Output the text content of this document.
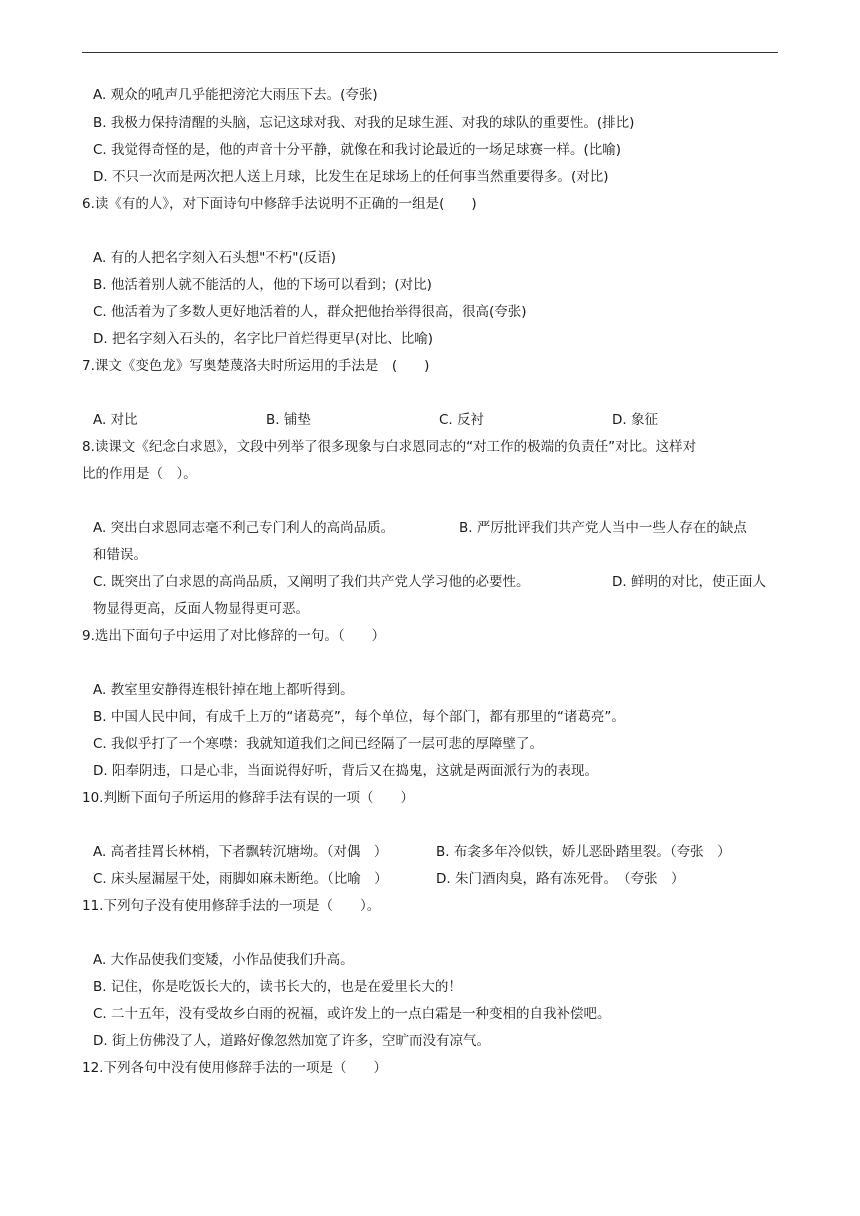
A. 观众的吼声几乎能把滂沱大雨压下去。(夸张)
B. 我极力保持清醒的头脑，忘记这球对我、对我的足球生涯、对我的球队的重要性。(排比)
C. 我觉得奇怪的是，他的声音十分平静，就像在和我讨论最近的一场足球赛一样。(比喻)
D. 不只一次而是两次把人送上月球，比发生在足球场上的任何事当然重要得多。(对比)
6.读《有的人》，对下面诗句中修辞手法说明不正确的一组是(　　)
A. 有的人把名字刻入石头想"不朽"(反语)
B. 他活着别人就不能活的人，他的下场可以看到；(对比)
C. 他活着为了多数人更好地活着的人，群众把他抬举得很高，很高(夸张)
D. 把名字刻入石头的，名字比尸首烂得更早(对比、比喻)
7.课文《变色龙》写奥楚蔑洛夫时所运用的手法是　(　　)
A. 对比	B. 铺垫	C. 反衬	D. 象征
8.读课文《纪念白求恩》，文段中列举了很多现象与白求恩同志的“对工作的极端的负责任”对比。这样对
比的作用是（　）。
A. 突出白求恩同志毫不利己专门利人的高尚品质。	B. 严厉批评我们共产党人当中一些人存在的缺点
和错误。
C. 既突出了白求恩的高尚品质，又阐明了我们共产党人学习他的必要性。	D. 鲜明的对比，使正面人
物显得更高，反面人物显得更可恶。
9.选出下面句子中运用了对比修辞的一句。（　　）
A. 教室里安静得连根针掉在地上都听得到。
B. 中国人民中间，有成千上万的“诸葛亮”，每个单位，每个部门，都有那里的“诸葛亮”。
C. 我似乎打了一个寒噤：我就知道我们之间已经隔了一层可悲的厚障壁了。
D. 阳奉阴违，口是心非，当面说得好听，背后又在捣鬼，这就是两面派行为的表现。
10.判断下面句子所运用的修辞手法有误的一项（　　）
A. 高者挂罥长林梢，下者飘转沉塘坳。（对偶　）	B. 布衾多年冷似铁，娇儿恶卧踏里裂。（夸张　）
C. 床头屋漏屋干处，雨脚如麻未断绝。（比喻　）	D. 朱门酒肉臭，路有冻死骨。　（夸张　）
11.下列句子没有使用修辞手法的一项是（　　）。
A. 大作品使我们变矮，小作品使我们升高。
B. 记住，你是吃饭长大的，读书长大的，也是在爱里长大的！
C. 二十五年，没有受故乡白雨的祝福，或许发上的一点白霜是一种变相的自我补偿吧。
D. 街上仿佛没了人，道路好像忽然加宽了许多，空旷而没有凉气。
12.下列各句中没有使用修辞手法的一项是（　　）
